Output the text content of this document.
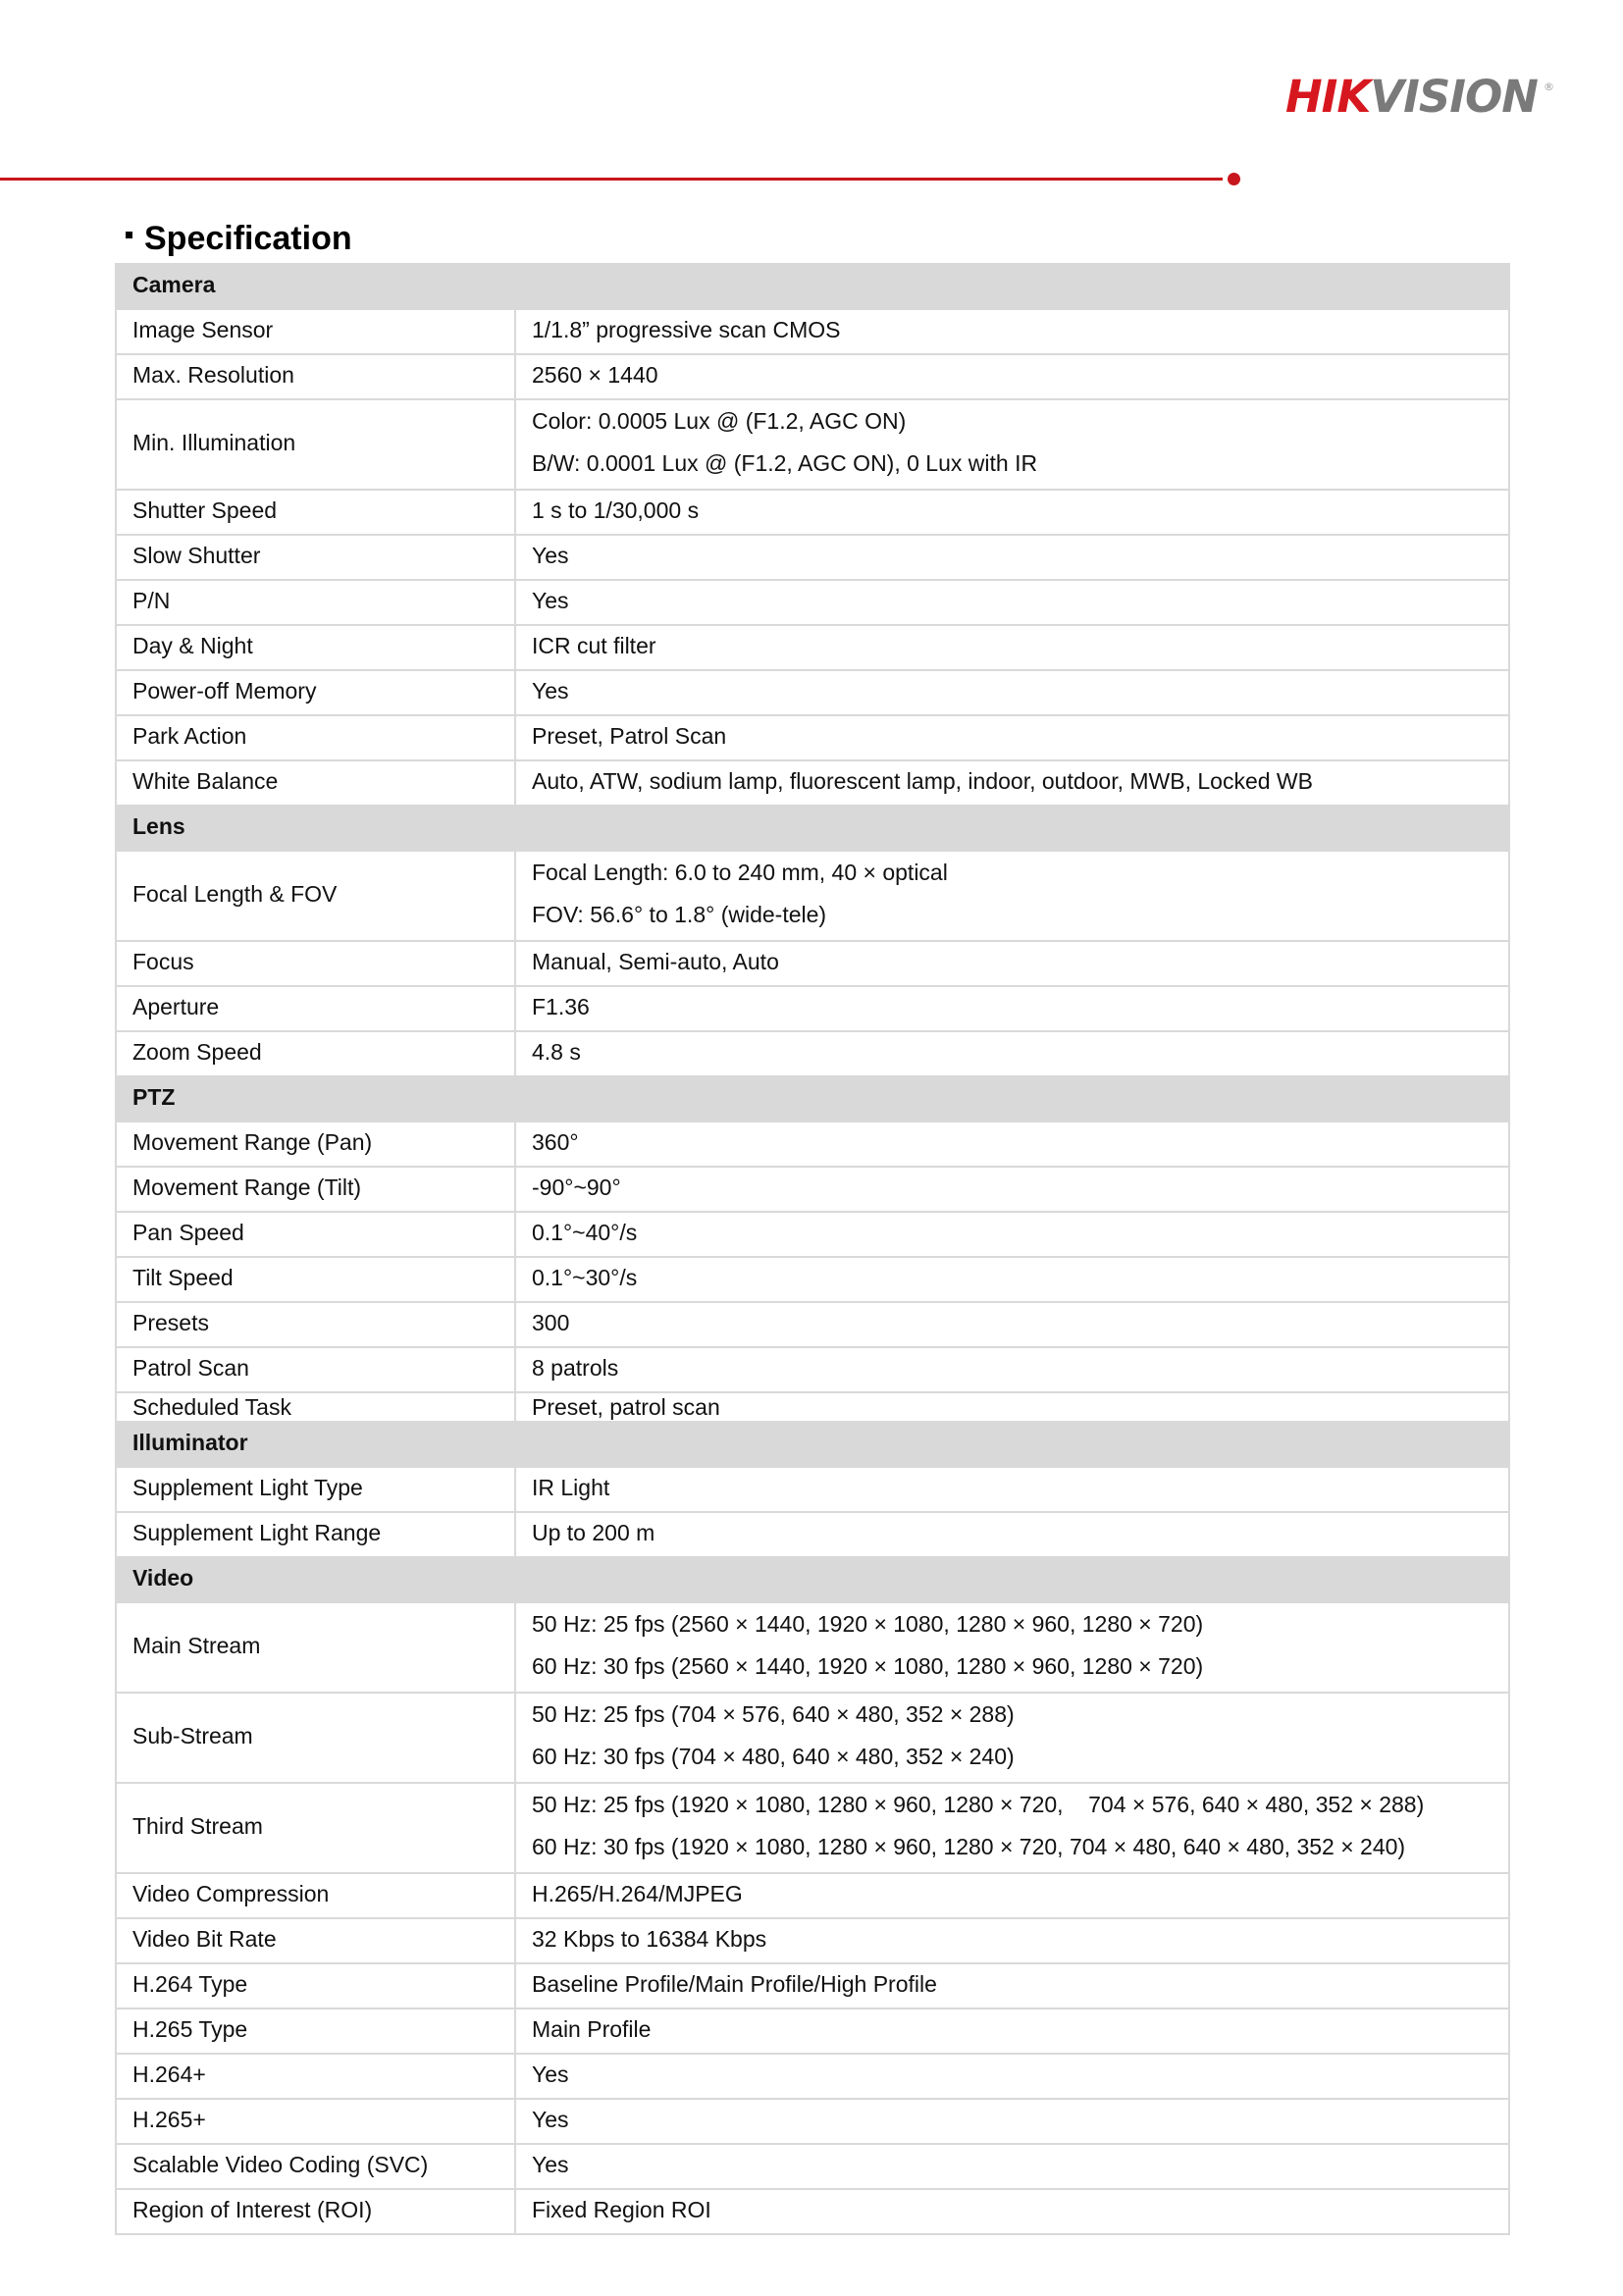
HIKVISION ®
Specification
Camera	
Image Sensor	1/1.8” progressive scan CMOS

Max. Resolution	2560 × 1440

Min. Illumination	Color: 0.0005 Lux @ (F1.2, AGC ON)
B/W: 0.0001 Lux @ (F1.2, AGC ON), 0 Lux with IR

Shutter Speed	1 s to 1/30,000 s

Slow Shutter	Yes

P/N	Yes

Day & Night	ICR cut filter

Power-off Memory	Yes

Park Action	Preset, Patrol Scan

White Balance	Auto, ATW, sodium lamp, fluorescent lamp, indoor, outdoor, MWB, Locked WB

Lens	
Focal Length & FOV	Focal Length: 6.0 to 240 mm, 40 × optical
FOV: 56.6° to 1.8° (wide-tele)

Focus	Manual, Semi-auto, Auto

Aperture	F1.36

Zoom Speed	4.8 s

PTZ	
Movement Range (Pan)	360°

Movement Range (Tilt)	-90°~90°

Pan Speed	0.1°~40°/s

Tilt Speed	0.1°~30°/s

Presets	300

Patrol Scan	8 patrols

Scheduled Task	Preset, patrol scan

Illuminator	
Supplement Light Type	IR Light

Supplement Light Range	Up to 200 m

Video	
Main Stream	50 Hz: 25 fps (2560 × 1440, 1920 × 1080, 1280 × 960, 1280 × 720)
60 Hz: 30 fps (2560 × 1440, 1920 × 1080, 1280 × 960, 1280 × 720)

Sub-Stream	50 Hz: 25 fps (704 × 576, 640 × 480, 352 × 288)
60 Hz: 30 fps (704 × 480, 640 × 480, 352 × 240)

Third Stream	50 Hz: 25 fps (1920 × 1080, 1280 × 960, 1280 × 720,    704 × 576, 640 × 480, 352 × 288)
60 Hz: 30 fps (1920 × 1080, 1280 × 960, 1280 × 720, 704 × 480, 640 × 480, 352 × 240)

Video Compression	H.265/H.264/MJPEG

Video Bit Rate	32 Kbps to 16384 Kbps

H.264 Type	Baseline Profile/Main Profile/High Profile

H.265 Type	Main Profile

H.264+	Yes

H.265+	Yes

Scalable Video Coding (SVC)	Yes

Region of Interest (ROI)	Fixed Region ROI
